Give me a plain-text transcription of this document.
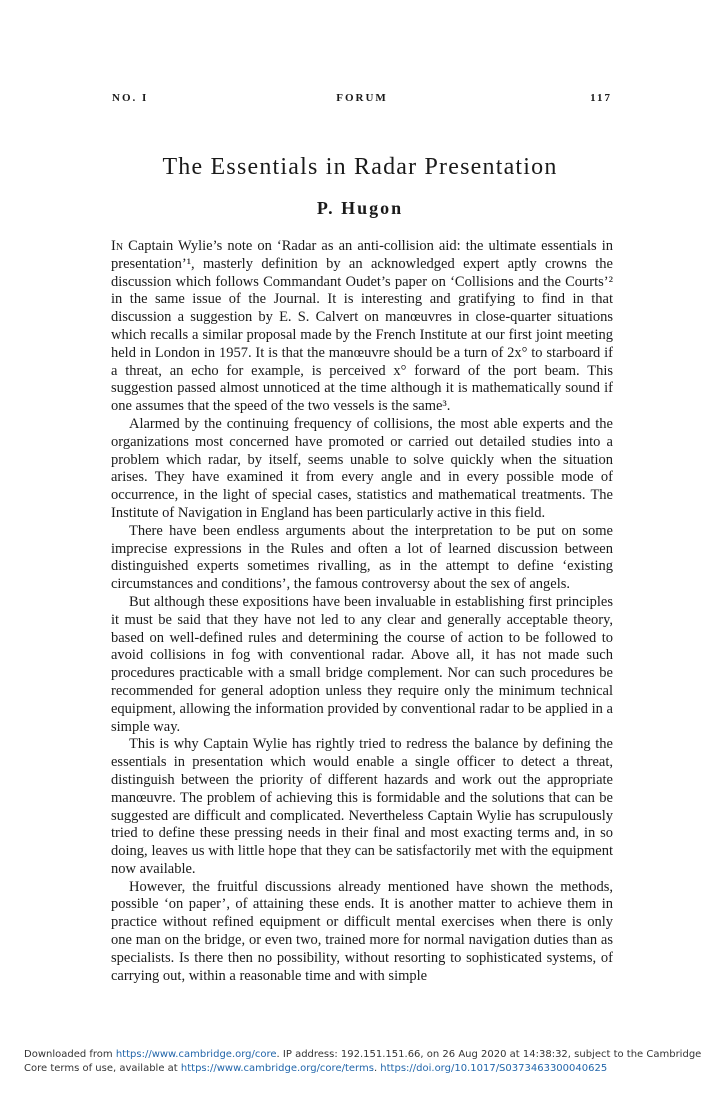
NO. I	FORUM	117
The Essentials in Radar Presentation
P. Hugon

In Captain Wylie’s note on ‘Radar as an anti-collision aid: the ultimate essentials in presentation’¹, masterly definition by an acknowledged expert aptly crowns the discussion which follows Commandant Oudet’s paper on ‘Collisions and the Courts’² in the same issue of the Journal. It is interesting and gratifying to find in that discussion a suggestion by E. S. Calvert on manœuvres in close-quarter situations which recalls a similar proposal made by the French Institute at our first joint meeting held in London in 1957. It is that the manœuvre should be a turn of 2x° to starboard if a threat, an echo for example, is perceived x° forward of the port beam. This suggestion passed almost unnoticed at the time although it is mathematically sound if one assumes that the speed of the two vessels is the same³.

Alarmed by the continuing frequency of collisions, the most able experts and the organizations most concerned have promoted or carried out detailed studies into a problem which radar, by itself, seems unable to solve quickly when the situation arises. They have examined it from every angle and in every possible mode of occurrence, in the light of special cases, statistics and mathematical treatments. The Institute of Navigation in England has been particularly active in this field.

There have been endless arguments about the interpretation to be put on some imprecise expressions in the Rules and often a lot of learned discussion between distinguished experts sometimes rivalling, as in the attempt to define ‘existing circumstances and conditions’, the famous controversy about the sex of angels.

But although these expositions have been invaluable in establishing first principles it must be said that they have not led to any clear and generally acceptable theory, based on well-defined rules and determining the course of action to be followed to avoid collisions in fog with conventional radar. Above all, it has not made such procedures practicable with a small bridge complement. Nor can such procedures be recommended for general adoption unless they require only the minimum technical equipment, allowing the information provided by conventional radar to be applied in a simple way.

This is why Captain Wylie has rightly tried to redress the balance by defining the essentials in presentation which would enable a single officer to detect a threat, distinguish between the priority of different hazards and work out the appropriate manœuvre. The problem of achieving this is formidable and the solutions that can be suggested are difficult and complicated. Nevertheless Captain Wylie has scrupulously tried to define these pressing needs in their final and most exacting terms and, in so doing, leaves us with little hope that they can be satisfactorily met with the equipment now available.

However, the fruitful discussions already mentioned have shown the methods, possible ‘on paper’, of attaining these ends. It is another matter to achieve them in practice without refined equipment or difficult mental exercises when there is only one man on the bridge, or even two, trained more for normal navigation duties than as specialists. Is there then no possibility, without resorting to sophisticated systems, of carrying out, within a reasonable time and with simple

Downloaded from https://www.cambridge.org/core. IP address: 192.151.151.66, on 26 Aug 2020 at 14:38:32, subject to the Cambridge Core terms of use, available at https://www.cambridge.org/core/terms. https://doi.org/10.1017/S0373463300040625
